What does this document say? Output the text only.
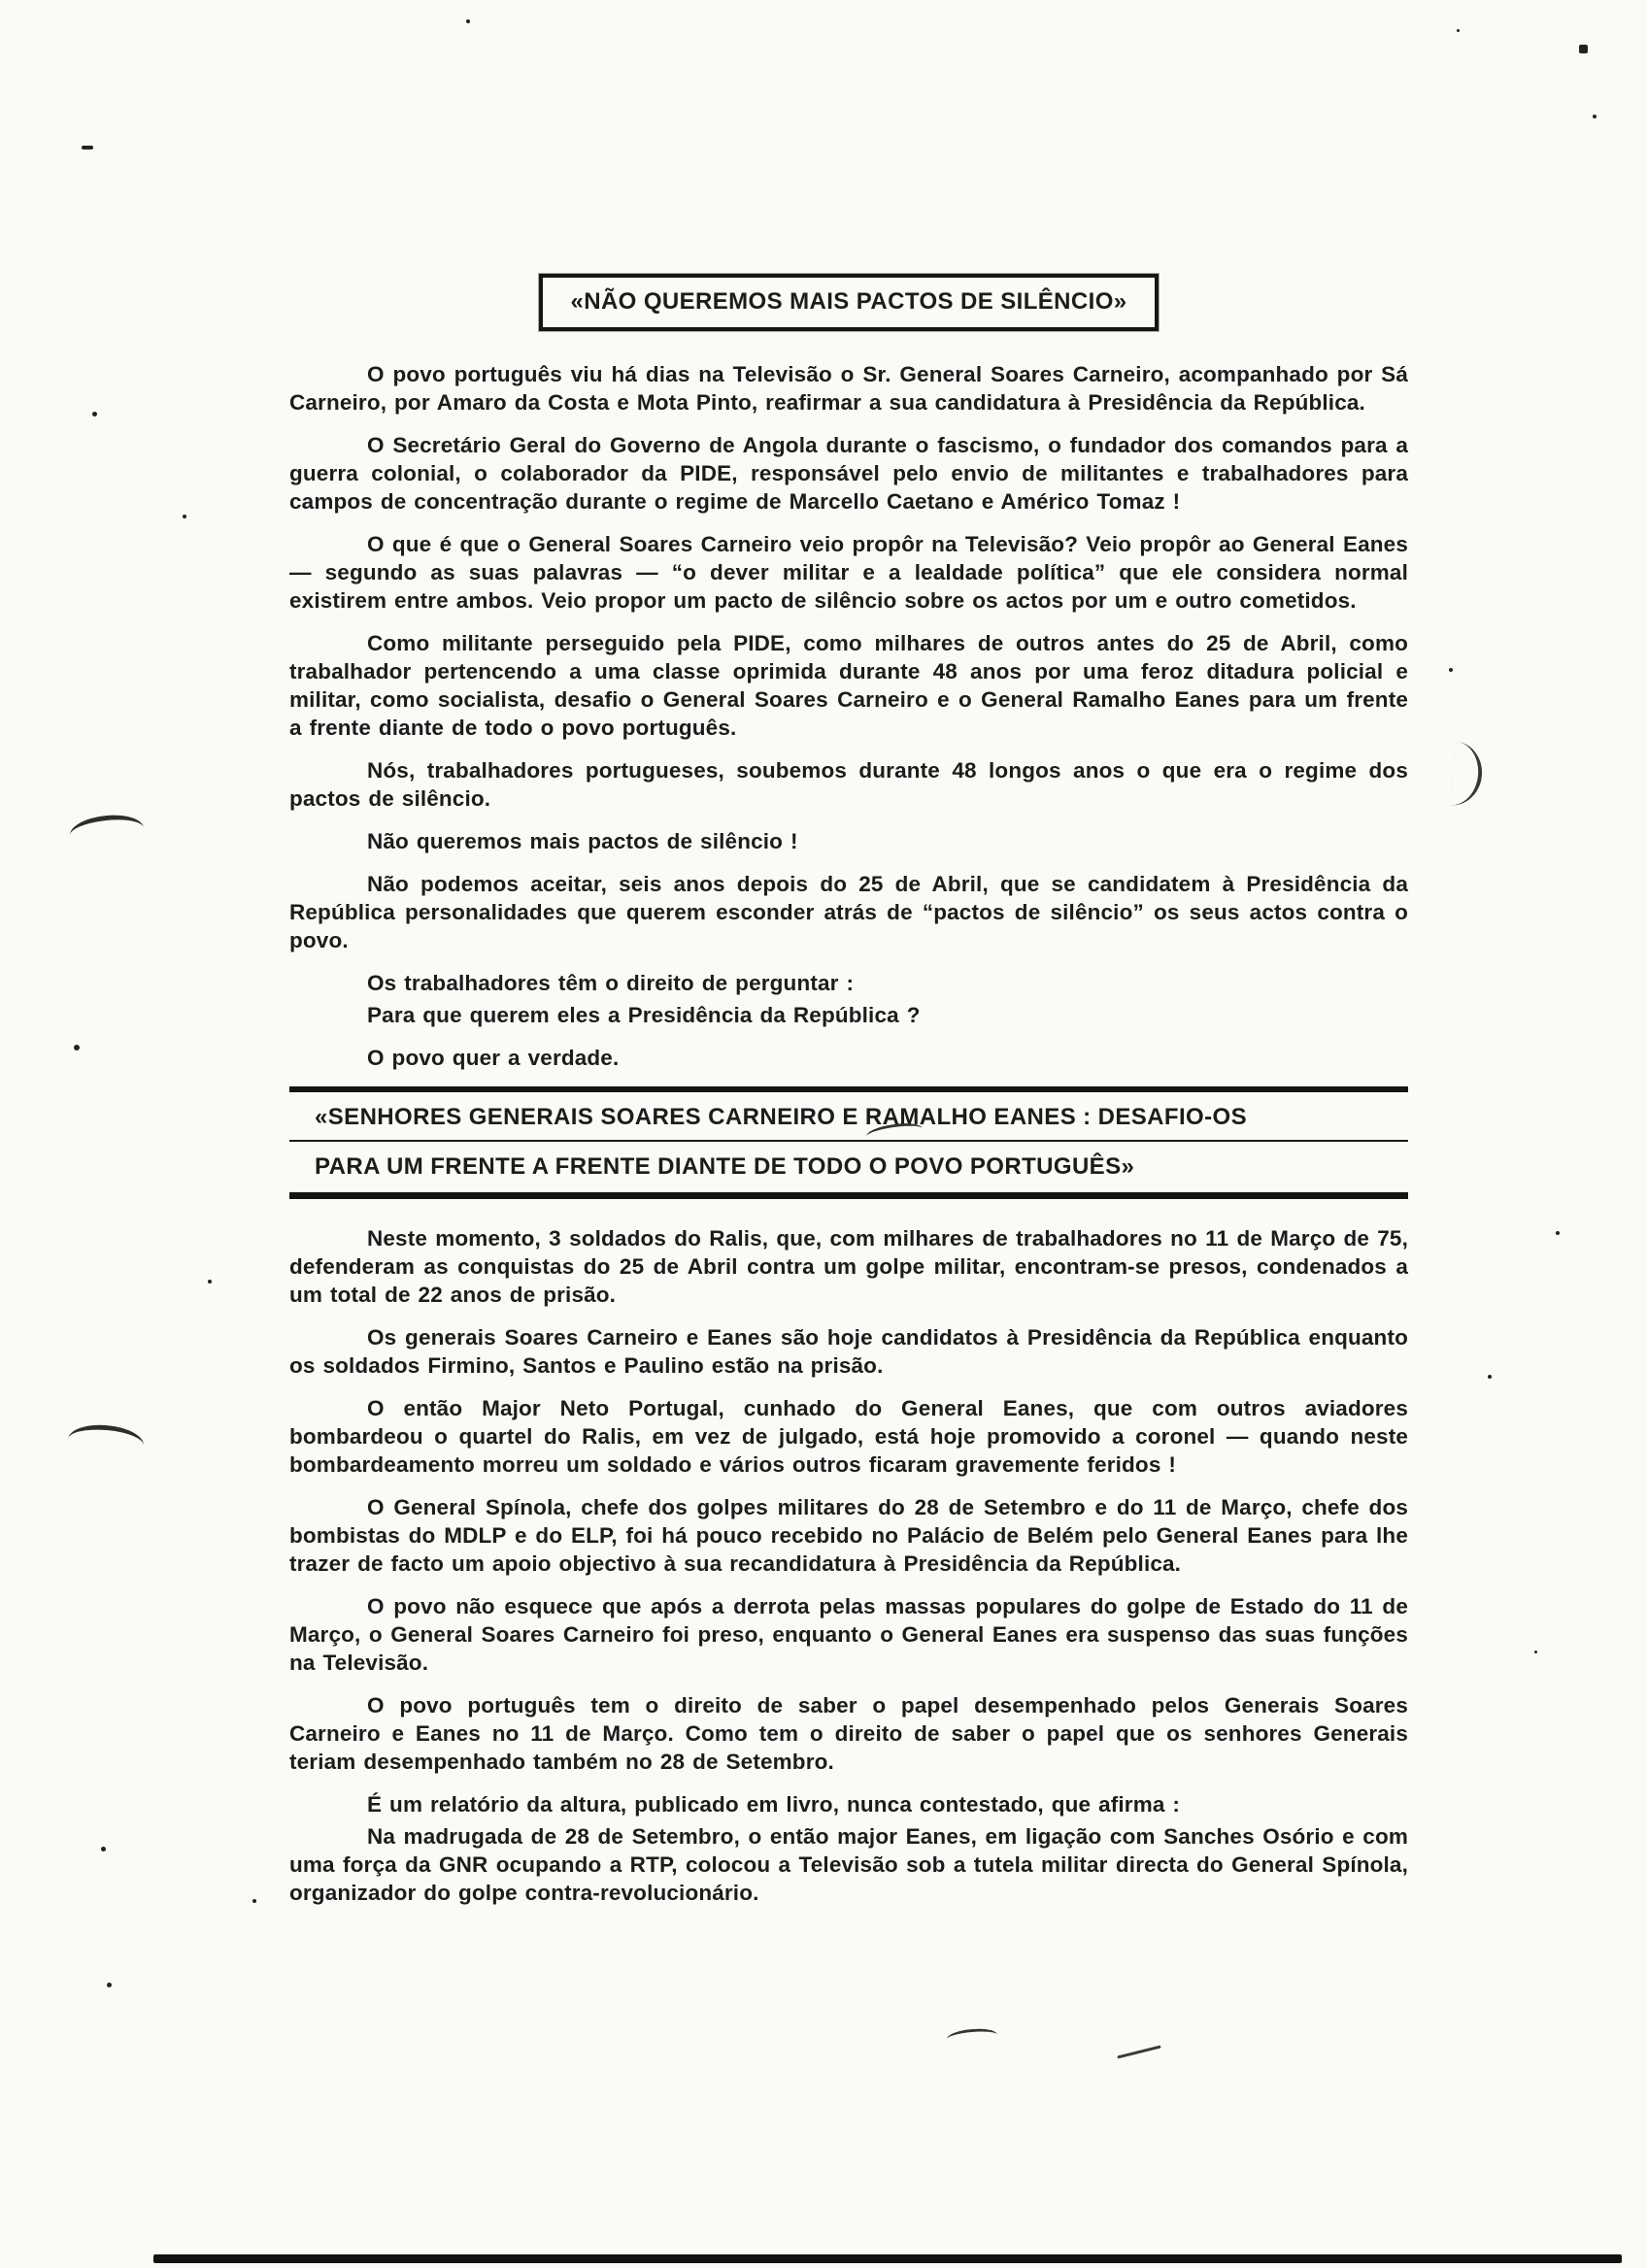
«NÃO QUEREMOS MAIS PACTOS DE SILÊNCIO»

O povo português viu há dias na Televisão o Sr. General Soares Carneiro, acompanhado por Sá Carneiro, por Amaro da Costa e Mota Pinto, reafirmar a sua candidatura à Presidência da República.

O Secretário Geral do Governo de Angola durante o fascismo, o fundador dos comandos para a guerra colonial, o colaborador da PIDE, responsável pelo envio de militantes e trabalhadores para campos de concentração durante o regime de Marcello Caetano e Américo Tomaz !

O que é que o General Soares Carneiro veio propôr na Televisão? Veio propôr ao General Eanes — segundo as suas palavras — “o dever militar e a lealdade política” que ele considera normal existirem entre ambos. Veio propor um pacto de silêncio sobre os actos por um e outro cometidos.

Como militante perseguido pela PIDE, como milhares de outros antes do 25 de Abril, como trabalhador pertencendo a uma classe oprimida durante 48 anos por uma feroz ditadura policial e militar, como socialista, desafio o General Soares Carneiro e o General Ramalho Eanes para um frente a frente diante de todo o povo português.

Nós, trabalhadores portugueses, soubemos durante 48 longos anos o que era o regime dos pactos de silêncio.

Não queremos mais pactos de silêncio !

Não podemos aceitar, seis anos depois do 25 de Abril, que se candidatem à Presidência da República personalidades que querem esconder atrás de “pactos de silêncio” os seus actos contra o povo.

Os trabalhadores têm o direito de perguntar :

Para que querem eles a Presidência da República ?

O povo quer a verdade.

«SENHORES GENERAIS SOARES CARNEIRO E RAMALHO EANES : DESAFIO-OS
PARA UM FRENTE A FRENTE DIANTE DE TODO O POVO PORTUGUÊS»

Neste momento, 3 soldados do Ralis, que, com milhares de trabalhadores no 11 de Março de 75, defenderam as conquistas do 25 de Abril contra um golpe militar, encontram-se presos, condenados a um total de 22 anos de prisão.

Os generais Soares Carneiro e Eanes são hoje candidatos à Presidência da República enquanto os soldados Firmino, Santos e Paulino estão na prisão.

O então Major Neto Portugal, cunhado do General Eanes, que com outros aviadores bombardeou o quartel do Ralis, em vez de julgado, está hoje promovido a coronel — quando neste bombardeamento morreu um soldado e vários outros ficaram gravemente feridos !

O General Spínola, chefe dos golpes militares do 28 de Setembro e do 11 de Março, chefe dos bombistas do MDLP e do ELP, foi há pouco recebido no Palácio de Belém pelo General Eanes para lhe trazer de facto um apoio objectivo à sua recandidatura à Presidência da República.

O povo não esquece que após a derrota pelas massas populares do golpe de Estado do 11 de Março, o General Soares Carneiro foi preso, enquanto o General Eanes era suspenso das suas funções na Televisão.

O povo português tem o direito de saber o papel desempenhado pelos Generais Soares Carneiro e Eanes no 11 de Março. Como tem o direito de saber o papel que os senhores Generais teriam desempenhado também no 28 de Setembro.

É um relatório da altura, publicado em livro, nunca contestado, que afirma :

Na madrugada de 28 de Setembro, o então major Eanes, em ligação com Sanches Osório e com uma força da GNR ocupando a RTP, colocou a Televisão sob a tutela militar directa do General Spínola, organizador do golpe contra-revolucionário.
